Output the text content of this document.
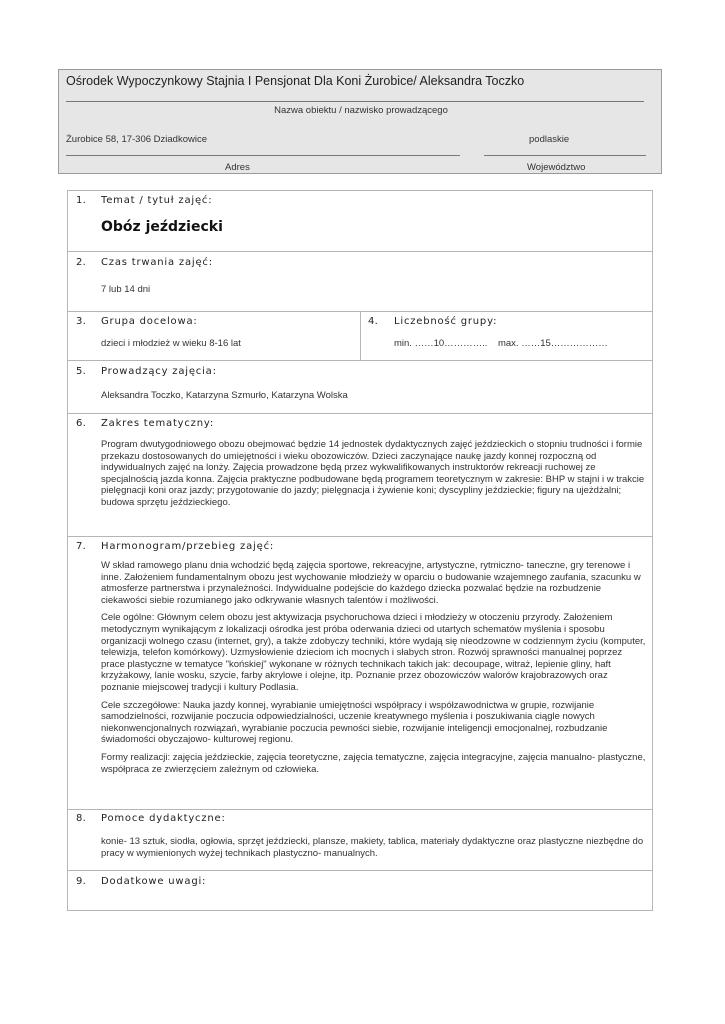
Ośrodek Wypoczynkowy Stajnia I Pensjonat Dla Koni Żurobice/ Aleksandra Toczko
Nazwa obiektu / nazwisko prowadzącego
Żurobice 58, 17-306 Dziadkowice	podlaskie
Adres	Województwo
1. Temat / tytuł zajęć:
Obóz jeździecki
2. Czas trwania zajęć:
7 lub 14 dni
3. Grupa docelowa:
dzieci i młodzież w wieku 8-16 lat
4. Liczebność grupy:
min. ……10…………..    max. ……15………………
5. Prowadzący zajęcia:
Aleksandra Toczko, Katarzyna Szmurło, Katarzyna Wolska
6. Zakres tematyczny:
Program dwutygodniowego obozu obejmować będzie 14 jednostek dydaktycznych zajęć jeździeckich o stopniu trudności i formie przekazu dostosowanych do umiejętności i wieku obozowiczów. Dzieci zaczynające naukę jazdy konnej rozpoczną od indywidualnych zajęć na lonży. Zajęcia prowadzone będą przez wykwalifikowanych instruktorów rekreacji ruchowej ze specjalnością jazda konna. Zajęcia praktyczne podbudowane będą programem teoretycznym w zakresie: BHP w stajni i w trakcie pielęgnacji koni oraz jazdy; przygotowanie do jazdy; pielęgnacja i żywienie koni; dyscypliny jeździeckie; figury na ujeżdżalni; budowa sprzętu jeździeckiego.
7. Harmonogram/przebieg zajęć:

W skład ramowego planu dnia wchodzić będą zajęcia sportowe, rekreacyjne, artystyczne, rytmiczno- taneczne, gry terenowe i inne. Założeniem fundamentalnym obozu jest wychowanie młodzieży w oparciu o budowanie wzajemnego zaufania, szacunku w atmosferze partnerstwa i przynależności. Indywidualne podejście do każdego dziecka pozwalać będzie na rozbudzenie ciekawości siebie rozumianego jako odkrywanie własnych talentów i możliwości.

Cele ogólne: Głównym celem obozu jest aktywizacja psychoruchowa dzieci i młodzieży w otoczeniu przyrody. Założeniem metodycznym wynikającym z lokalizacji ośrodka jest próba oderwania dzieci od utartych schematów myślenia i sposobu organizacji wolnego czasu (internet, gry), a także zdobyczy techniki, które wydają się nieodzowne w codziennym życiu (komputer, telewizja, telefon komórkowy). Uzmysłowienie dzieciom ich mocnych i słabych stron. Rozwój sprawności manualnej poprzez prace plastyczne w tematyce "końskiej" wykonane w różnych technikach takich jak: decoupage, witraż, lepienie gliny, haft krzyżakowy, lanie wosku, szycie, farby akrylowe i olejne, itp. Poznanie przez obozowiczów walorów krajobrazowych oraz poznanie miejscowej tradycji i kultury Podlasia.

Cele szczegółowe: Nauka jazdy konnej, wyrabianie umiejętności współpracy i współzawodnictwa w grupie, rozwijanie samodzielności, rozwijanie poczucia odpowiedzialności, uczenie kreatywnego myślenia i poszukiwania ciągle nowych niekonwencjonalnych rozwiązań, wyrabianie poczucia pewności siebie, rozwijanie inteligencji emocjonalnej, rozbudzanie świadomości obyczajowo- kulturowej regionu.

Formy realizacji: zajęcia jeździeckie, zajęcia teoretyczne, zajęcia tematyczne, zajęcia integracyjne, zajęcia manualno- plastyczne, współpraca ze zwierzęciem zależnym od człowieka.

8. Pomoce dydaktyczne:
konie- 13 sztuk, siodła, ogłowia, sprzęt jeździecki, plansze, makiety, tablica, materiały dydaktyczne oraz plastyczne niezbędne do pracy w wymienionych wyżej technikach plastyczno- manualnych.
9. Dodatkowe uwagi:
